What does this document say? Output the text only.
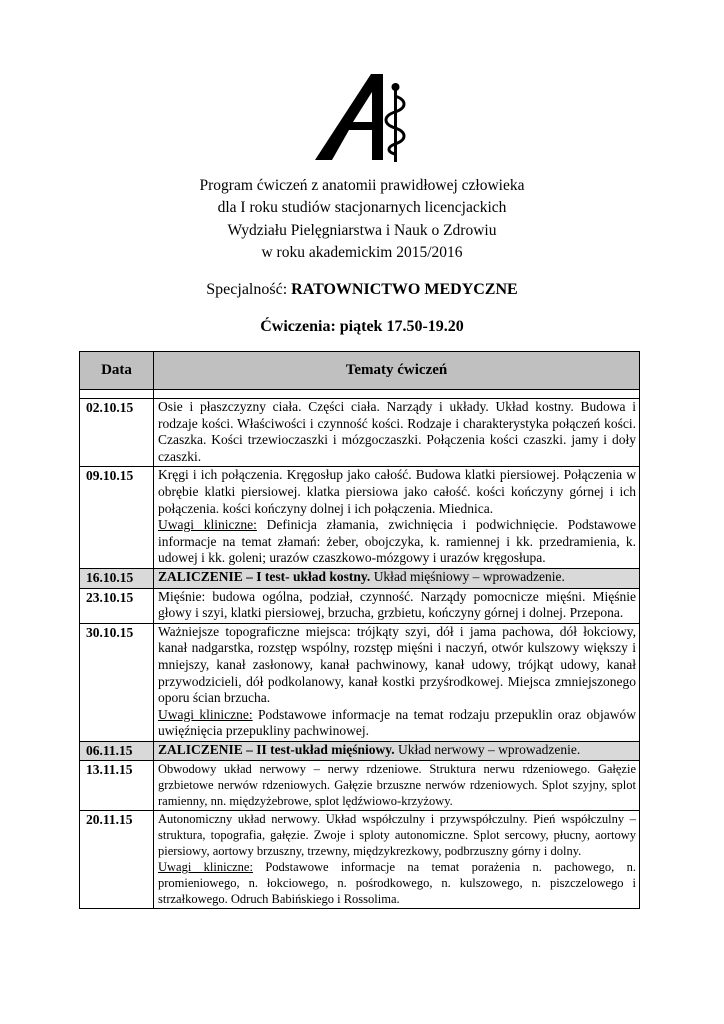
Program ćwiczeń z anatomii prawidłowej człowieka
dla I roku studiów stacjonarnych licencjackich
Wydziału Pielęgniarstwa i Nauk o Zdrowiu
w roku akademickim 2015/2016
Specjalność: RATOWNICTWO MEDYCZNE
Ćwiczenia: piątek 17.50-19.20
Data	Tematy ćwiczeń

02.10.15	Osie i płaszczyzny ciała. Części ciała. Narządy i układy. Układ kostny. Budowa i rodzaje kości. Właściwości i czynność kości. Rodzaje i charakterystyka połączeń kości. Czaszka. Kości trzewioczaszki i mózgoczaszki. Połączenia kości czaszki. jamy i doły czaszki.
09.10.15	Kręgi i ich połączenia. Kręgosłup jako całość. Budowa klatki piersiowej. Połączenia w obrębie klatki piersiowej. klatka piersiowa jako całość. kości kończyny górnej i ich połączenia. kości kończyny dolnej i ich połączenia. Miednica.
Uwagi kliniczne: Definicja złamania, zwichnięcia i podwichnięcie. Podstawowe informacje na temat złamań: żeber, obojczyka, k. ramiennej i kk. przedramienia, k. udowej i kk. goleni; urazów czaszkowo-mózgowy i urazów kręgosłupa.
16.10.15	ZALICZENIE – I test- układ kostny. Układ mięśniowy – wprowadzenie.
23.10.15	Mięśnie: budowa ogólna, podział, czynność. Narządy pomocnicze mięśni. Mięśnie głowy i szyi, klatki piersiowej, brzucha, grzbietu, kończyny górnej i dolnej. Przepona.
30.10.15	Ważniejsze topograficzne miejsca: trójkąty szyi, dół i jama pachowa, dół łokciowy, kanał nadgarstka, rozstęp wspólny, rozstęp mięśni i naczyń, otwór kulszowy większy i mniejszy, kanał zasłonowy, kanał pachwinowy, kanał udowy, trójkąt udowy, kanał przywodzicieli, dół podkolanowy, kanał kostki przyśrodkowej. Miejsca zmniejszonego oporu ścian brzucha.
Uwagi kliniczne: Podstawowe informacje na temat rodzaju przepuklin oraz objawów uwięźnięcia przepukliny pachwinowej.
06.11.15	ZALICZENIE – II test-układ mięśniowy. Układ nerwowy – wprowadzenie.
13.11.15	Obwodowy układ nerwowy – nerwy rdzeniowe. Struktura nerwu rdzeniowego. Gałęzie grzbietowe nerwów rdzeniowych. Gałęzie brzuszne nerwów rdzeniowych. Splot szyjny, splot ramienny, nn. międzyżebrowe, splot lędźwiowo-krzyżowy.
20.11.15	Autonomiczny układ nerwowy. Układ współczulny i przywspółczulny. Pień współczulny – struktura, topografia, gałęzie. Zwoje i sploty autonomiczne. Splot sercowy, płucny, aortowy piersiowy, aortowy brzuszny, trzewny, międzykrezkowy, podbrzuszny górny i dolny.
Uwagi kliniczne: Podstawowe informacje na temat porażenia n. pachowego, n. promieniowego, n. łokciowego, n. pośrodkowego, n. kulszowego, n. piszczelowego i strzałkowego. Odruch Babińskiego i Rossolima.
